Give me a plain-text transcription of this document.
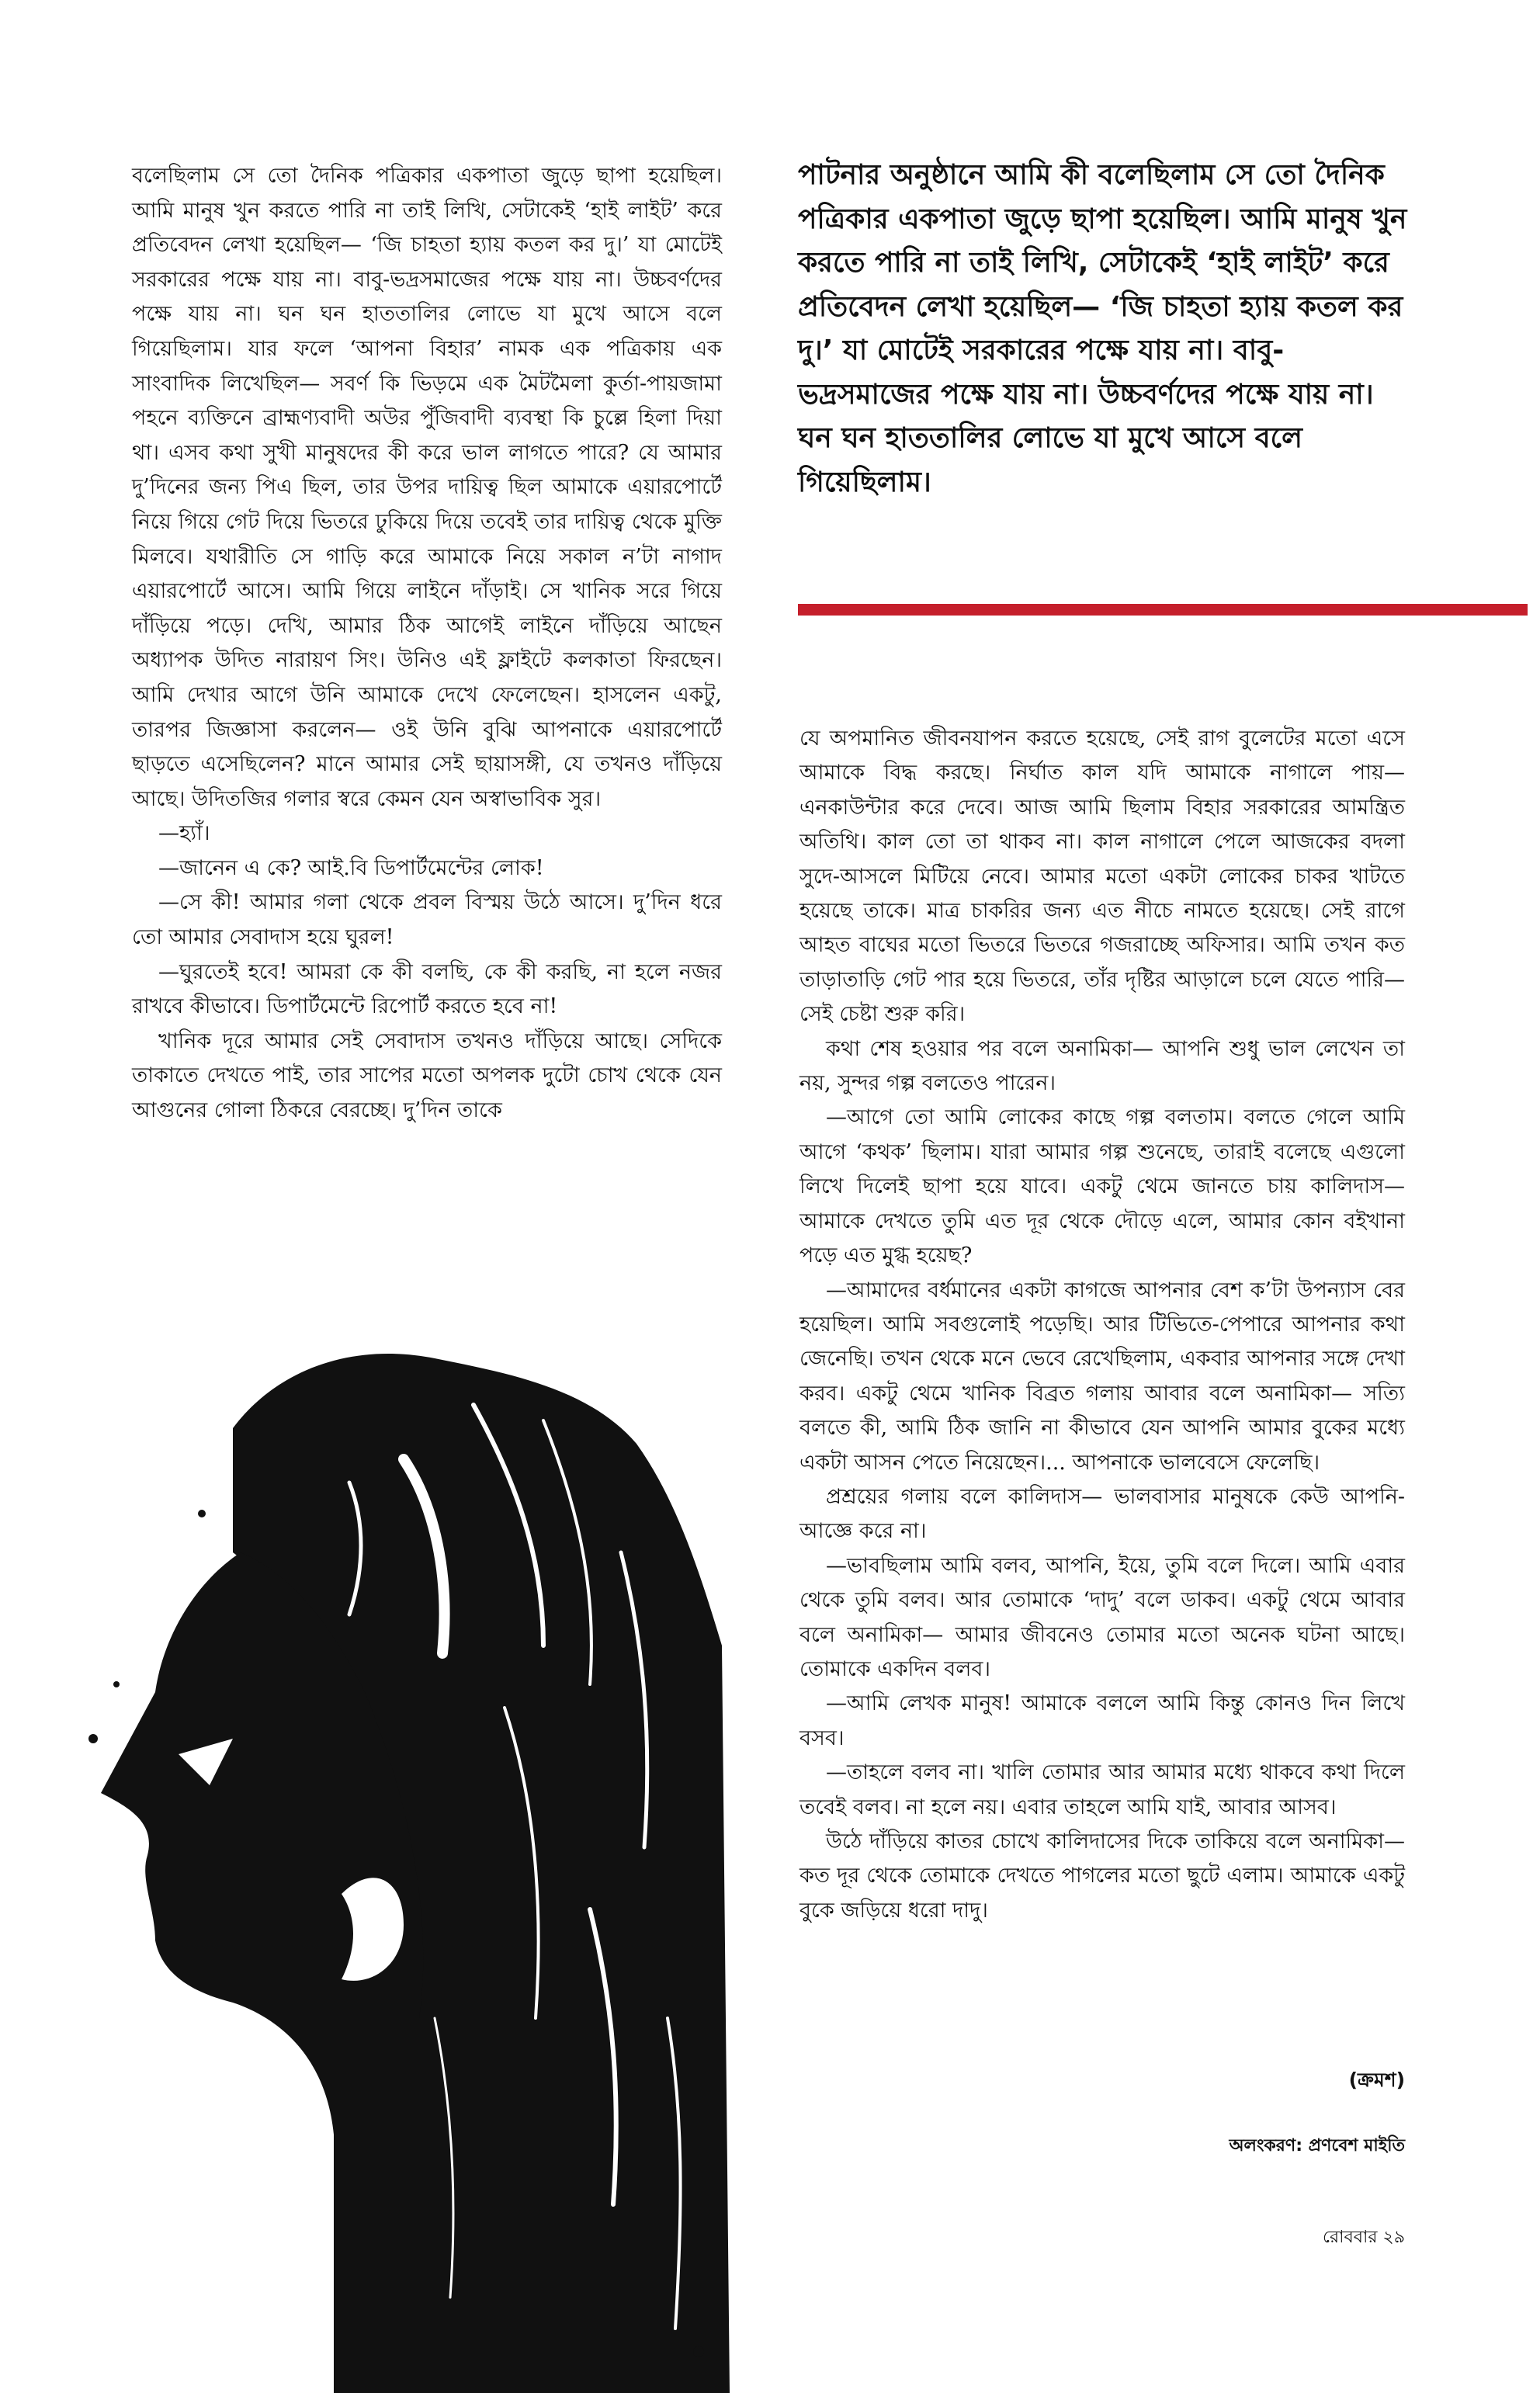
বলেছিলাম সে তো দৈনিক পত্রিকার একপাতা জুড়ে ছাপা হয়েছিল। আমি মানুষ খুন করতে পারি না তাই লিখি, সেটাকেই ‘হাই লাইট’ করে প্রতিবেদন লেখা হয়েছিল— ‘জি চাহতা হ্যায় কতল কর দু।’ যা মোটেই সরকারের পক্ষে যায় না। বাবু-ভদ্রসমাজের পক্ষে যায় না। উচ্চবর্ণদের পক্ষে যায় না। ঘন ঘন হাততালির লোভে যা মুখে আসে বলে গিয়েছিলাম। যার ফলে ‘আপনা বিহার’ নামক এক পত্রিকায় এক সাংবাদিক লিখেছিল— সবর্ণ কি ভিড়মে এক মৈটমৈলা কুর্তা-পায়জামা পহনে ব্যক্তিনে ব্রাহ্মণ্যবাদী অউর পুঁজিবাদী ব্যবস্থা কি চুল্লে হিলা দিয়া থা। এসব কথা সুখী মানুষদের কী করে ভাল লাগতে পারে? যে আমার দু’দিনের জন্য পিএ ছিল, তার উপর দায়িত্ব ছিল আমাকে এয়ারপোর্টে নিয়ে গিয়ে গেট দিয়ে ভিতরে ঢুকিয়ে দিয়ে তবেই তার দায়িত্ব থেকে মুক্তি মিলবে। যথারীতি সে গাড়ি করে আমাকে নিয়ে সকাল ন’টা নাগাদ এয়ারপোর্টে আসে। আমি গিয়ে লাইনে দাঁড়াই। সে খানিক সরে গিয়ে দাঁড়িয়ে পড়ে। দেখি, আমার ঠিক আগেই লাইনে দাঁড়িয়ে আছেন অধ্যাপক উদিত নারায়ণ সিং। উনিও এই ফ্লাইটে কলকাতা ফিরছেন। আমি দেখার আগে উনি আমাকে দেখে ফেলেছেন। হাসলেন একটু, তারপর জিজ্ঞাসা করলেন— ওই উনি বুঝি আপনাকে এয়ারপোর্টে ছাড়তে এসেছিলেন? মানে আমার সেই ছায়াসঙ্গী, যে তখনও দাঁড়িয়ে আছে। উদিতজির গলার স্বরে কেমন যেন অস্বাভাবিক সুর।

—হ্যাঁ।

—জানেন এ কে? আই.বি ডিপার্টমেন্টের লোক!

—সে কী! আমার গলা থেকে প্রবল বিস্ময় উঠে আসে। দু’দিন ধরে তো আমার সেবাদাস হয়ে ঘুরল!

—ঘুরতেই হবে! আমরা কে কী বলছি, কে কী করছি, না হলে নজর রাখবে কীভাবে। ডিপার্টমেন্টে রিপোর্ট করতে হবে না!

খানিক দূরে আমার সেই সেবাদাস তখনও দাঁড়িয়ে আছে। সেদিকে তাকাতে দেখতে পাই, তার সাপের মতো অপলক দুটো চোখ থেকে যেন আগুনের গোলা ঠিকরে বেরচ্ছে। দু’দিন তাকে

পাটনার অনুষ্ঠানে আমি কী বলেছিলাম সে তো দৈনিক পত্রিকার একপাতা জুড়ে ছাপা হয়েছিল। আমি মানুষ খুন করতে পারি না তাই লিখি, সেটাকেই ‘হাই লাইট’ করে প্রতিবেদন লেখা হয়েছিল— ‘জি চাহতা হ্যায় কতল কর দু।’ যা মোটেই সরকারের পক্ষে যায় না। বাবু-ভদ্রসমাজের পক্ষে যায় না। উচ্চবর্ণদের পক্ষে যায় না। ঘন ঘন হাততালির লোভে যা মুখে আসে বলে গিয়েছিলাম।

যে অপমানিত জীবনযাপন করতে হয়েছে, সেই রাগ বুলেটের মতো এসে আমাকে বিদ্ধ করছে। নির্ঘাত কাল যদি আমাকে নাগালে পায়— এনকাউন্টার করে দেবে। আজ আমি ছিলাম বিহার সরকারের আমন্ত্রিত অতিথি। কাল তো তা থাকব না। কাল নাগালে পেলে আজকের বদলা সুদে-আসলে মিটিয়ে নেবে। আমার মতো একটা লোকের চাকর খাটতে হয়েছে তাকে। মাত্র চাকরির জন্য এত নীচে নামতে হয়েছে। সেই রাগে আহত বাঘের মতো ভিতরে ভিতরে গজরাচ্ছে অফিসার। আমি তখন কত তাড়াতাড়ি গেট পার হয়ে ভিতরে, তাঁর দৃষ্টির আড়ালে চলে যেতে পারি— সেই চেষ্টা শুরু করি।

কথা শেষ হওয়ার পর বলে অনামিকা— আপনি শুধু ভাল লেখেন তা নয়, সুন্দর গল্প বলতেও পারেন।

—আগে তো আমি লোকের কাছে গল্প বলতাম। বলতে গেলে আমি আগে ‘কথক’ ছিলাম। যারা আমার গল্প শুনেছে, তারাই বলেছে এগুলো লিখে দিলেই ছাপা হয়ে যাবে। একটু থেমে জানতে চায় কালিদাস— আমাকে দেখতে তুমি এত দূর থেকে দৌড়ে এলে, আমার কোন বইখানা পড়ে এত মুগ্ধ হয়েছ?

—আমাদের বর্ধমানের একটা কাগজে আপনার বেশ ক’টা উপন্যাস বের হয়েছিল। আমি সবগুলোই পড়েছি। আর টিভিতে-পেপারে আপনার কথা জেনেছি। তখন থেকে মনে ভেবে রেখেছিলাম, একবার আপনার সঙ্গে দেখা করব। একটু থেমে খানিক বিব্রত গলায় আবার বলে অনামিকা— সত্যি বলতে কী, আমি ঠিক জানি না কীভাবে যেন আপনি আমার বুকের মধ্যে একটা আসন পেতে নিয়েছেন।... আপনাকে ভালবেসে ফেলেছি।

প্রশ্রয়ের গলায় বলে কালিদাস— ভালবাসার মানুষকে কেউ আপনি-আজ্ঞে করে না।

—ভাবছিলাম আমি বলব, আপনি, ইয়ে, তুমি বলে দিলে। আমি এবার থেকে তুমি বলব। আর তোমাকে ‘দাদু’ বলে ডাকব। একটু থেমে আবার বলে অনামিকা— আমার জীবনেও তোমার মতো অনেক ঘটনা আছে। তোমাকে একদিন বলব।

—আমি লেখক মানুষ! আমাকে বললে আমি কিন্তু কোনও দিন লিখে বসব।

—তাহলে বলব না। খালি তোমার আর আমার মধ্যে থাকবে কথা দিলে তবেই বলব। না হলে নয়। এবার তাহলে আমি যাই, আবার আসব।

উঠে দাঁড়িয়ে কাতর চোখে কালিদাসের দিকে তাকিয়ে বলে অনামিকা— কত দূর থেকে তোমাকে দেখতে পাগলের মতো ছুটে এলাম। আমাকে একটু বুকে জড়িয়ে ধরো দাদু।

(ক্রমশ)
অলংকরণ: প্রণবেশ মাইতি
রোববার ২৯
